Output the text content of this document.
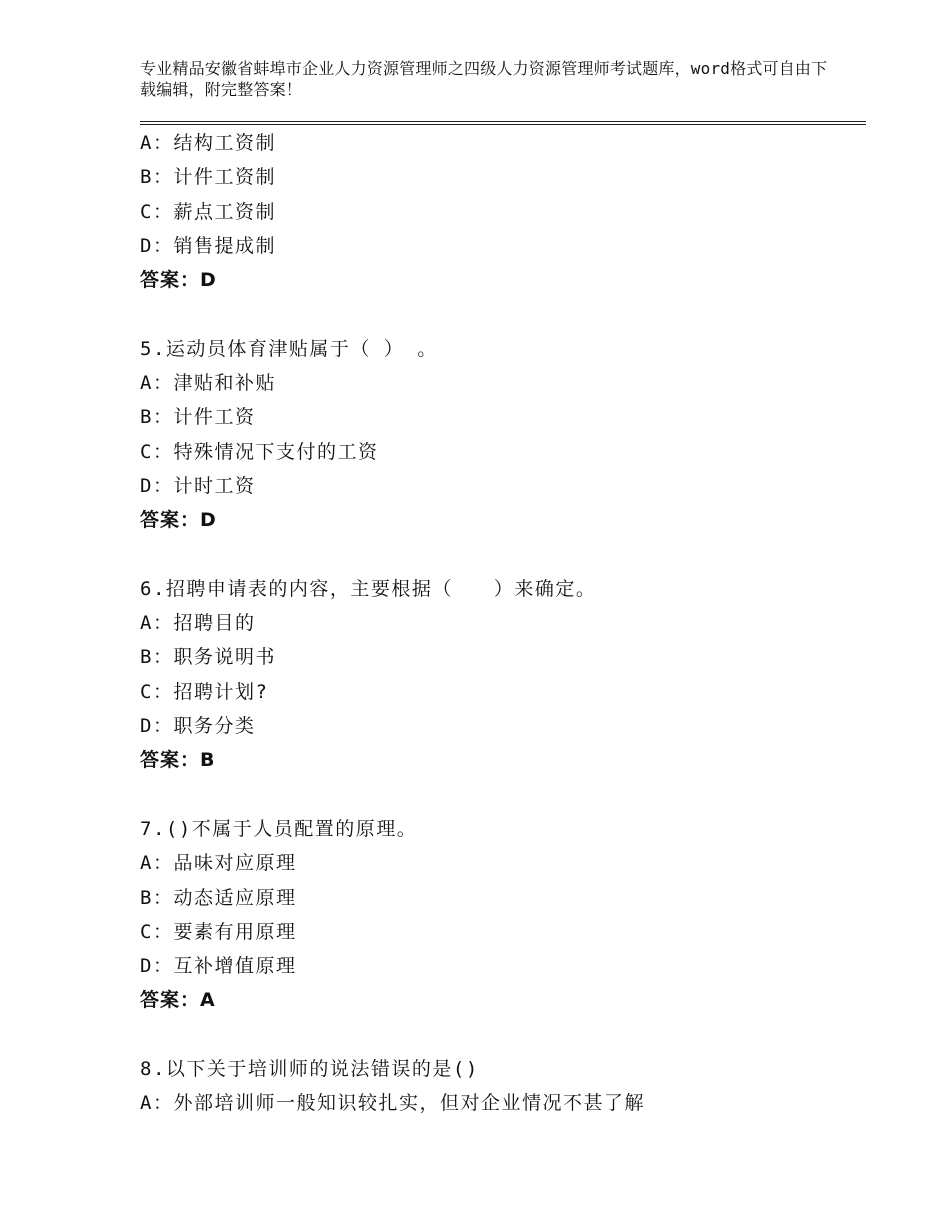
专业精品安徽省蚌埠市企业人力资源管理师之四级人力资源管理师考试题库，word格式可自由下载编辑，附完整答案！
A：结构工资制
B：计件工资制
C：薪点工资制
D：销售提成制
答案：D
5.运动员体育津贴属于（ ） 。
A：津贴和补贴
B：计件工资
C：特殊情况下支付的工资
D：计时工资
答案：D
6.招聘申请表的内容，主要根据（　　）来确定。
A：招聘目的
B：职务说明书
C：招聘计划?
D：职务分类
答案：B
7.()不属于人员配置的原理。
A：品味对应原理
B：动态适应原理
C：要素有用原理
D：互补增值原理
答案：A
8.以下关于培训师的说法错误的是()
A：外部培训师一般知识较扎实，但对企业情况不甚了解
